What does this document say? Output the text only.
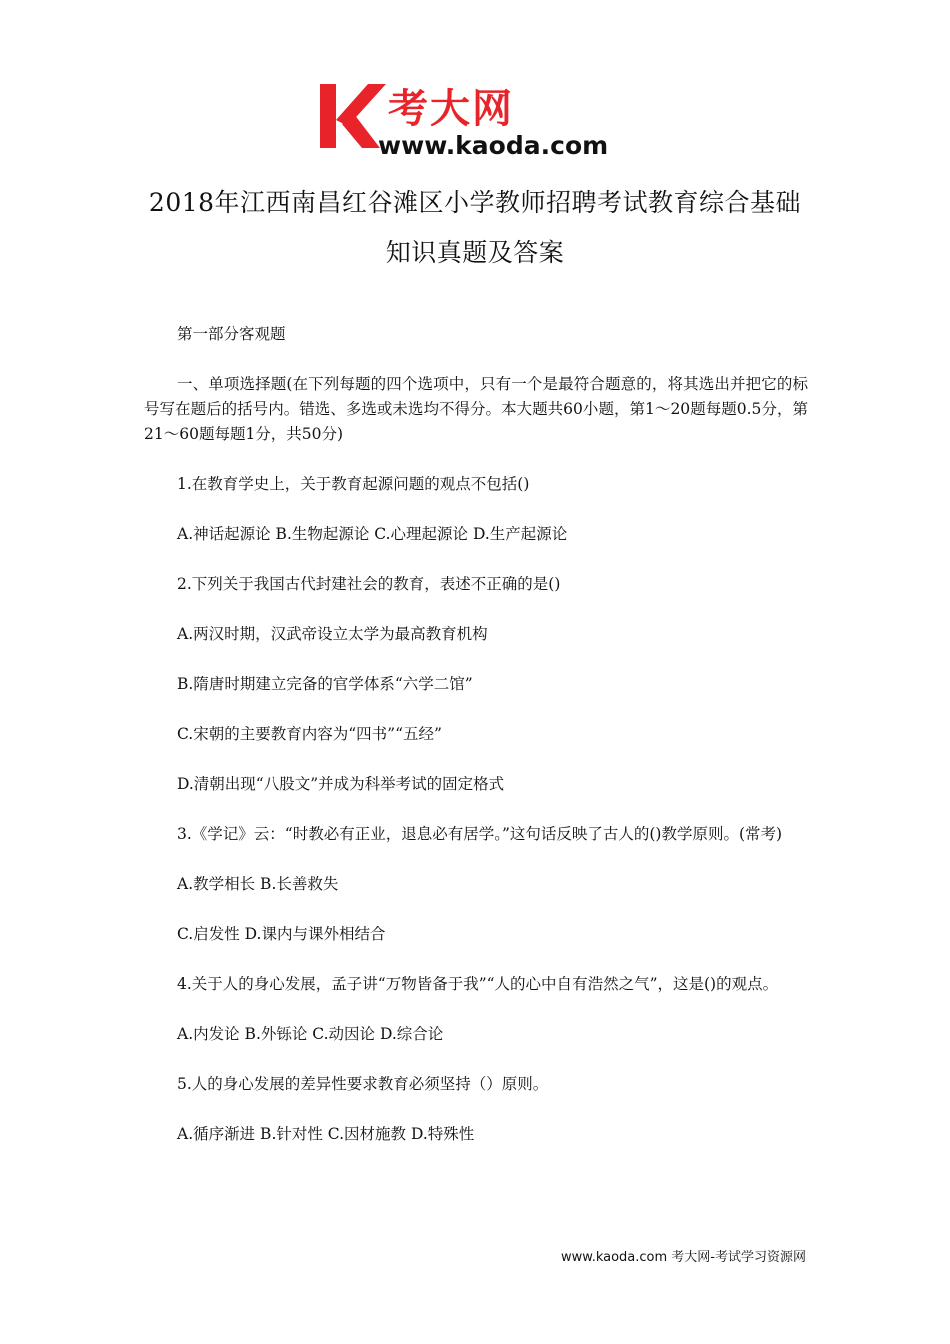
考大网
www.kaoda.com
2018年江西南昌红谷滩区小学教师招聘考试教育综合基础
知识真题及答案

第一部分客观题

一、单项选择题(在下列每题的四个选项中，只有一个是最符合题意的，将其选出并把它的标号写在题后的括号内。错选、多选或未选均不得分。本大题共60小题，第1～20题每题0.5分，第21～60题每题1分，共50分)

1.在教育学史上，关于教育起源问题的观点不包括()

A.神话起源论 B.生物起源论 C.心理起源论 D.生产起源论

2.下列关于我国古代封建社会的教育，表述不正确的是()

A.两汉时期，汉武帝设立太学为最高教育机构

B.隋唐时期建立完备的官学体系“六学二馆”

C.宋朝的主要教育内容为“四书”“五经”

D.清朝出现“八股文”并成为科举考试的固定格式

3.《学记》云：“时教必有正业，退息必有居学。”这句话反映了古人的()教学原则。(常考)

A.教学相长 B.长善救失

C.启发性 D.课内与课外相结合

4.关于人的身心发展，孟子讲“万物皆备于我”“人的心中自有浩然之气”，这是()的观点。

A.内发论 B.外铄论 C.动因论 D.综合论

5.人的身心发展的差异性要求教育必须坚持（）原则。

A.循序渐进 B.针对性 C.因材施教 D.特殊性

www.kaoda.com 考大网-考试学习资源网
